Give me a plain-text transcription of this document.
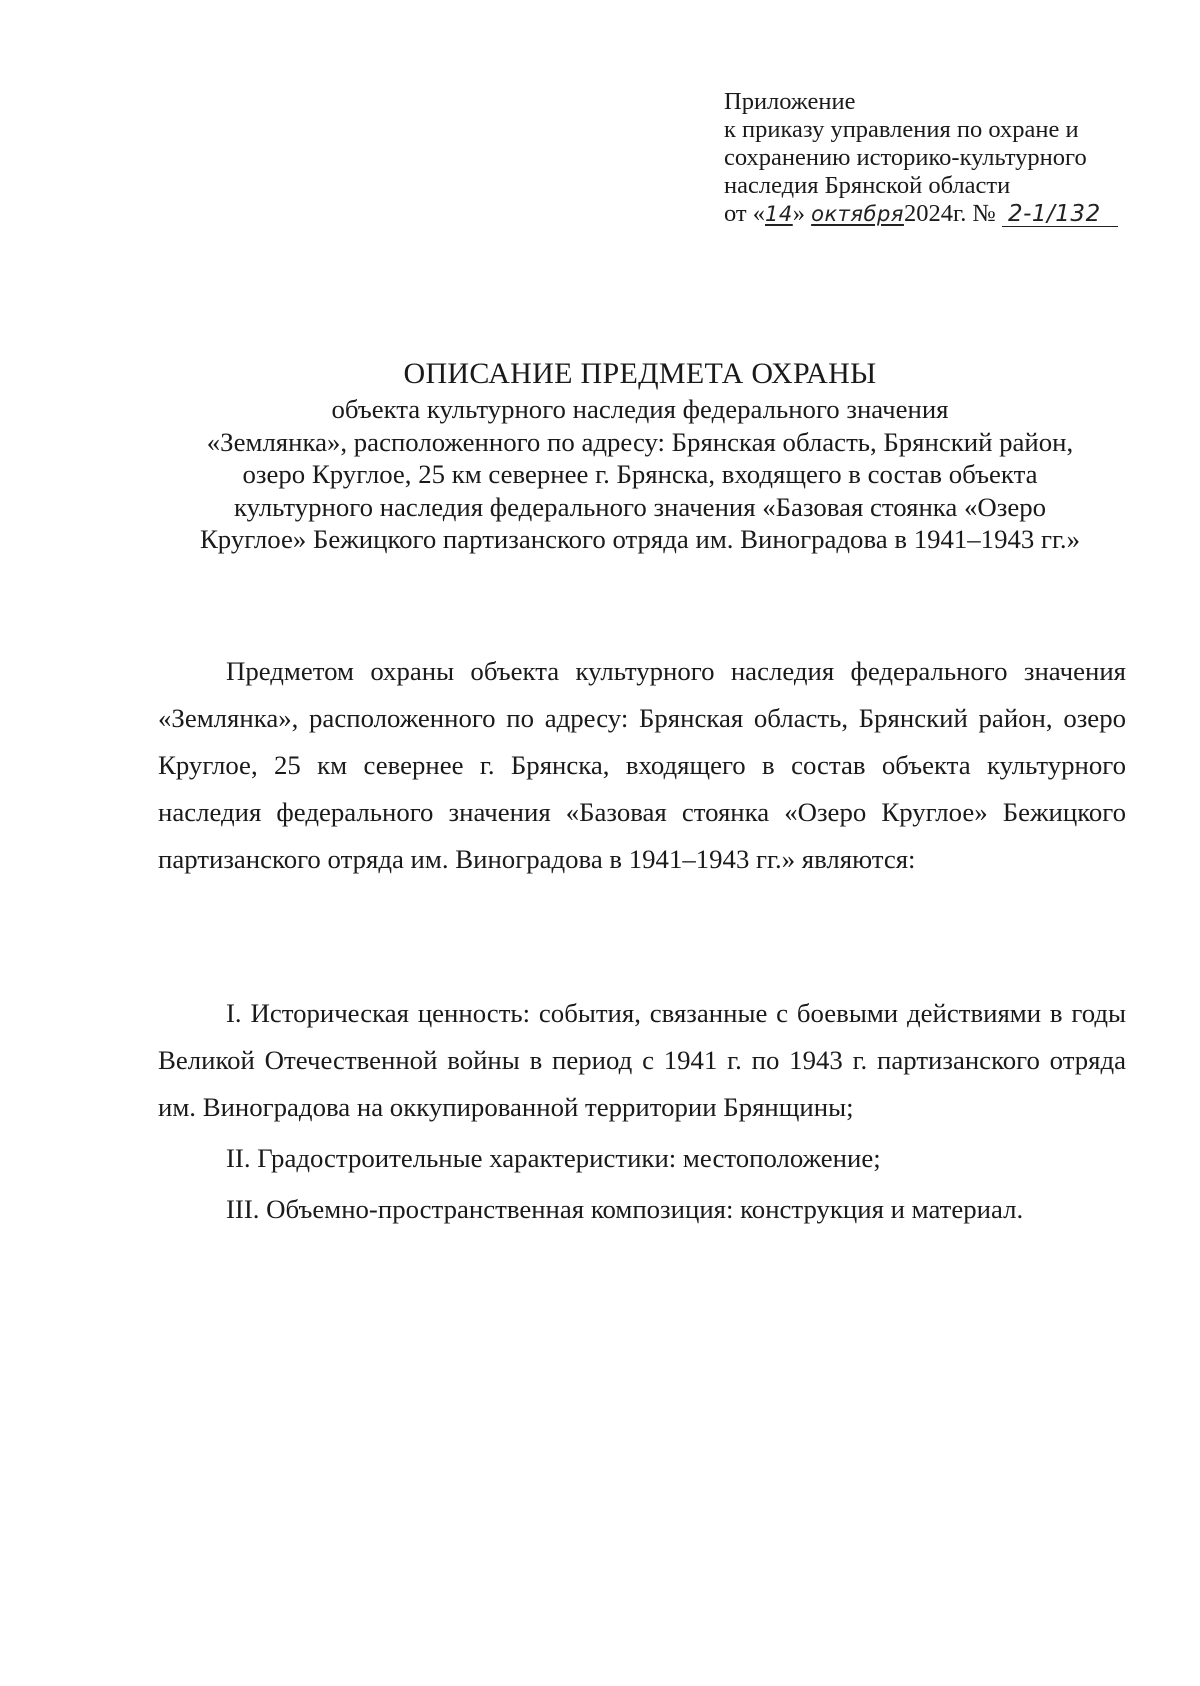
Приложение
к приказу управления по охране и
сохранению историко-культурного
наследия Брянской области
от «14» октября2024г. № 2-1/132
ОПИСАНИЕ ПРЕДМЕТА ОХРАНЫ
объекта культурного наследия федерального значения
«Землянка», расположенного по адресу: Брянская область, Брянский район,
озеро Круглое, 25 км севернее г. Брянска, входящего в состав объекта
культурного наследия федерального значения «Базовая стоянка «Озеро
Круглое» Бежицкого партизанского отряда им. Виноградова в 1941–1943 гг.»

Предметом охраны объекта культурного наследия федерального значения «Землянка», расположенного по адресу: Брянская область, Брянский район, озеро Круглое, 25 км севернее г. Брянска, входящего в состав объекта культурного наследия федерального значения «Базовая стоянка «Озеро Круглое» Бежицкого партизанского отряда им. Виноградова в 1941–1943 гг.» являются:

I. Историческая ценность: события, связанные с боевыми действиями в годы Великой Отечественной войны в период с 1941 г. по 1943 г. партизанского отряда им. Виноградова на оккупированной территории Брянщины;

II. Градостроительные характеристики: местоположение;

III. Объемно-пространственная композиция: конструкция и материал.
